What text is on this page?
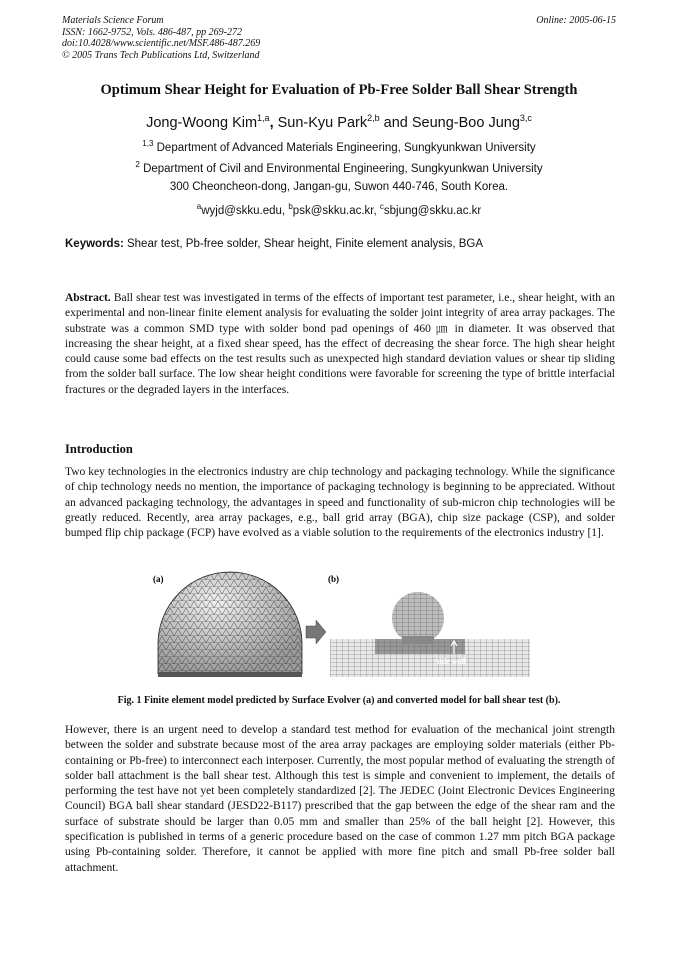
Materials Science Forum
ISSN: 1662-9752, Vols. 486-487, pp 269-272
doi:10.4028/www.scientific.net/MSF.486-487.269
© 2005 Trans Tech Publications Ltd, Switzerland
Online: 2005-06-15
Optimum Shear Height for Evaluation of Pb-Free Solder Ball Shear Strength
Jong-Woong Kim$^{1,a}$, Sun-Kyu Park$^{2,b}$ and Seung-Boo Jung$^{3,c}$
$^{1,3}$ Department of Advanced Materials Engineering, Sungkyunkwan University
$^2$ Department of Civil and Environmental Engineering, Sungkyunkwan University
300 Cheoncheon-dong, Jangan-gu, Suwon 440-746, South Korea.
$^a$wyjd@skku.edu, $^b$psk@skku.ac.kr, $^c$sbjung@skku.ac.kr
Keywords: Shear test, Pb-free solder, Shear height, Finite element analysis, BGA
Abstract. Ball shear test was investigated in terms of the effects of important test parameter, i.e., shear height, with an experimental and non-linear finite element analysis for evaluating the solder joint integrity of area array packages. The substrate was a common SMD type with solder bond pad openings of 460 ㎛ in diameter. It was observed that increasing the shear height, at a fixed shear speed, has the effect of decreasing the shear force. The high shear height could cause some bad effects on the test results such as unexpected high standard deviation values or shear tip sliding from the solder ball surface. The low shear height conditions were favorable for screening the type of brittle interfacial fractures or the degraded layers in the interfaces.
Introduction
Two key technologies in the electronics industry are chip technology and packaging technology. While the significance of chip technology needs no mention, the importance of packaging technology is beginning to be appreciated. Without an advanced packaging technology, the advantages in speed and functionality of sub-micron chip technologies will be greatly reduced. Recently, area array packages, e.g., ball grid array (BGA), chip size package (CSP), and solder bumped flip chip package (FCP) have evolved as a viable solution to the requirements of the electronics industry [1].
(a)	(b)
Side wall
Fig. 1 Finite element model predicted by Surface Evolver (a) and converted model for ball shear test (b).
However, there is an urgent need to develop a standard test method for evaluation of the mechanical joint strength between the solder and substrate because most of the area array packages are employing solder materials (either Pb-containing or Pb-free) to interconnect each interposer. Currently, the most popular method of evaluating the strength of solder ball attachment is the ball shear test. Although this test is simple and convenient to implement, the details of performing the test have not yet been completely standardized [2]. The JEDEC (Joint Electronic Devices Engineering Council) BGA ball shear standard (JESD22-B117) prescribed that the gap between the edge of the shear ram and the surface of substrate should be larger than 0.05 mm and smaller than 25% of the ball height [2]. However, this specification is published in terms of a generic procedure based on the case of common 1.27 mm pitch BGA package using Pb-containing solder. Therefore, it cannot be applied with more fine pitch and small Pb-free solder ball attachment.
